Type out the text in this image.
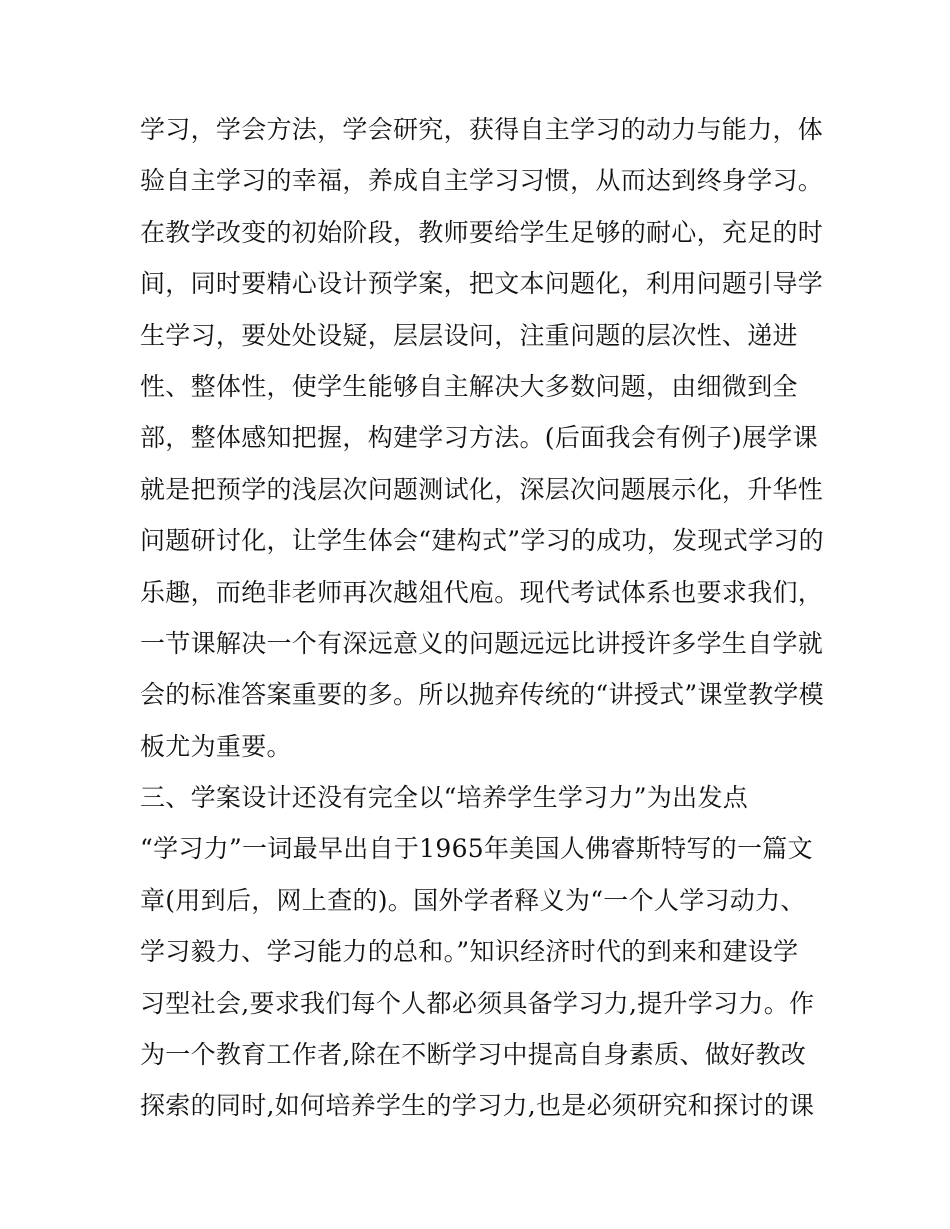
学习，学会方法，学会研究，获得自主学习的动力与能力，体
验自主学习的幸福，养成自主学习习惯，从而达到终身学习。
在教学改变的初始阶段，教师要给学生足够的耐心，充足的时
间，同时要精心设计预学案，把文本问题化，利用问题引导学
生学习，要处处设疑，层层设问，注重问题的层次性、递进
性、整体性，使学生能够自主解决大多数问题，由细微到全
部，整体感知把握，构建学习方法。(后面我会有例子)展学课
就是把预学的浅层次问题测试化，深层次问题展示化，升华性
问题研讨化，让学生体会“建构式”学习的成功，发现式学习的
乐趣，而绝非老师再次越俎代庖。现代考试体系也要求我们，
一节课解决一个有深远意义的问题远远比讲授许多学生自学就
会的标准答案重要的多。所以抛弃传统的“讲授式”课堂教学模
板尤为重要。
三、学案设计还没有完全以“培养学生学习力”为出发点
“学习力”一词最早出自于1965年美国人佛睿斯特写的一篇文
章(用到后，网上查的)。国外学者释义为“一个人学习动力、
学习毅力、学习能力的总和。”知识经济时代的到来和建设学
习型社会,要求我们每个人都必须具备学习力,提升学习力。作
为一个教育工作者,除在不断学习中提高自身素质、做好教改
探索的同时,如何培养学生的学习力,也是必须研究和探讨的课
